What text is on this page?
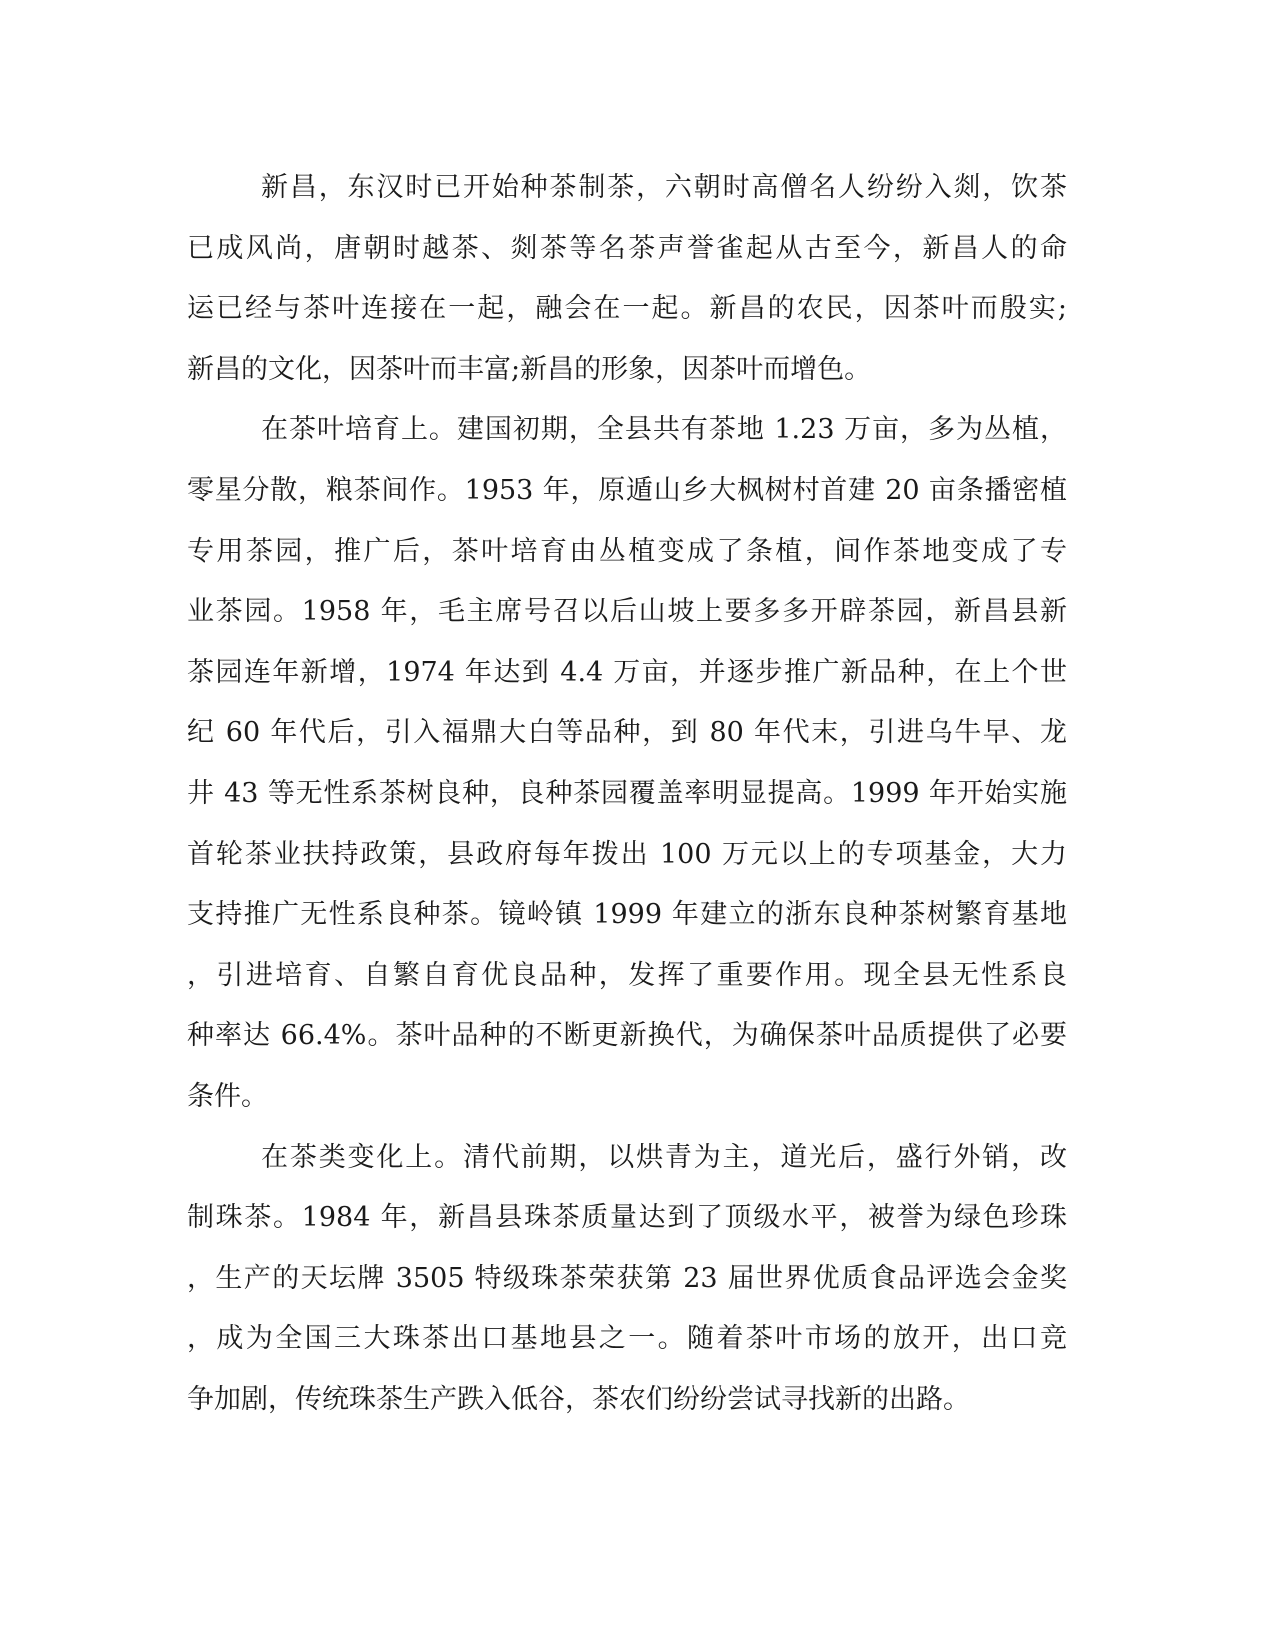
新昌，东汉时已开始种茶制茶，六朝时高僧名人纷纷入剡，饮茶
已成风尚，唐朝时越茶、剡茶等名茶声誉雀起从古至今，新昌人的命
运已经与茶叶连接在一起，融会在一起。新昌的农民，因茶叶而殷实;
新昌的文化，因茶叶而丰富;新昌的形象，因茶叶而增色。
在茶叶培育上。建国初期，全县共有茶地 1.23 万亩，多为丛植，
零星分散，粮茶间作。1953 年，原遁山乡大枫树村首建 20 亩条播密植
专用茶园，推广后，茶叶培育由丛植变成了条植，间作茶地变成了专
业茶园。1958 年，毛主席号召以后山坡上要多多开辟茶园，新昌县新
茶园连年新增，1974 年达到 4.4 万亩，并逐步推广新品种，在上个世
纪 60 年代后，引入福鼎大白等品种，到 80 年代末，引进乌牛早、龙
井 43 等无性系茶树良种，良种茶园覆盖率明显提高。1999 年开始实施
首轮茶业扶持政策，县政府每年拨出 100 万元以上的专项基金，大力
支持推广无性系良种茶。镜岭镇 1999 年建立的浙东良种茶树繁育基地
，引进培育、自繁自育优良品种，发挥了重要作用。现全县无性系良
种率达 66.4%。茶叶品种的不断更新换代，为确保茶叶品质提供了必要
条件。
在茶类变化上。清代前期，以烘青为主，道光后，盛行外销，改
制珠茶。1984 年，新昌县珠茶质量达到了顶级水平，被誉为绿色珍珠
，生产的天坛牌 3505 特级珠茶荣获第 23 届世界优质食品评选会金奖
，成为全国三大珠茶出口基地县之一。随着茶叶市场的放开，出口竞
争加剧，传统珠茶生产跌入低谷，茶农们纷纷尝试寻找新的出路。
